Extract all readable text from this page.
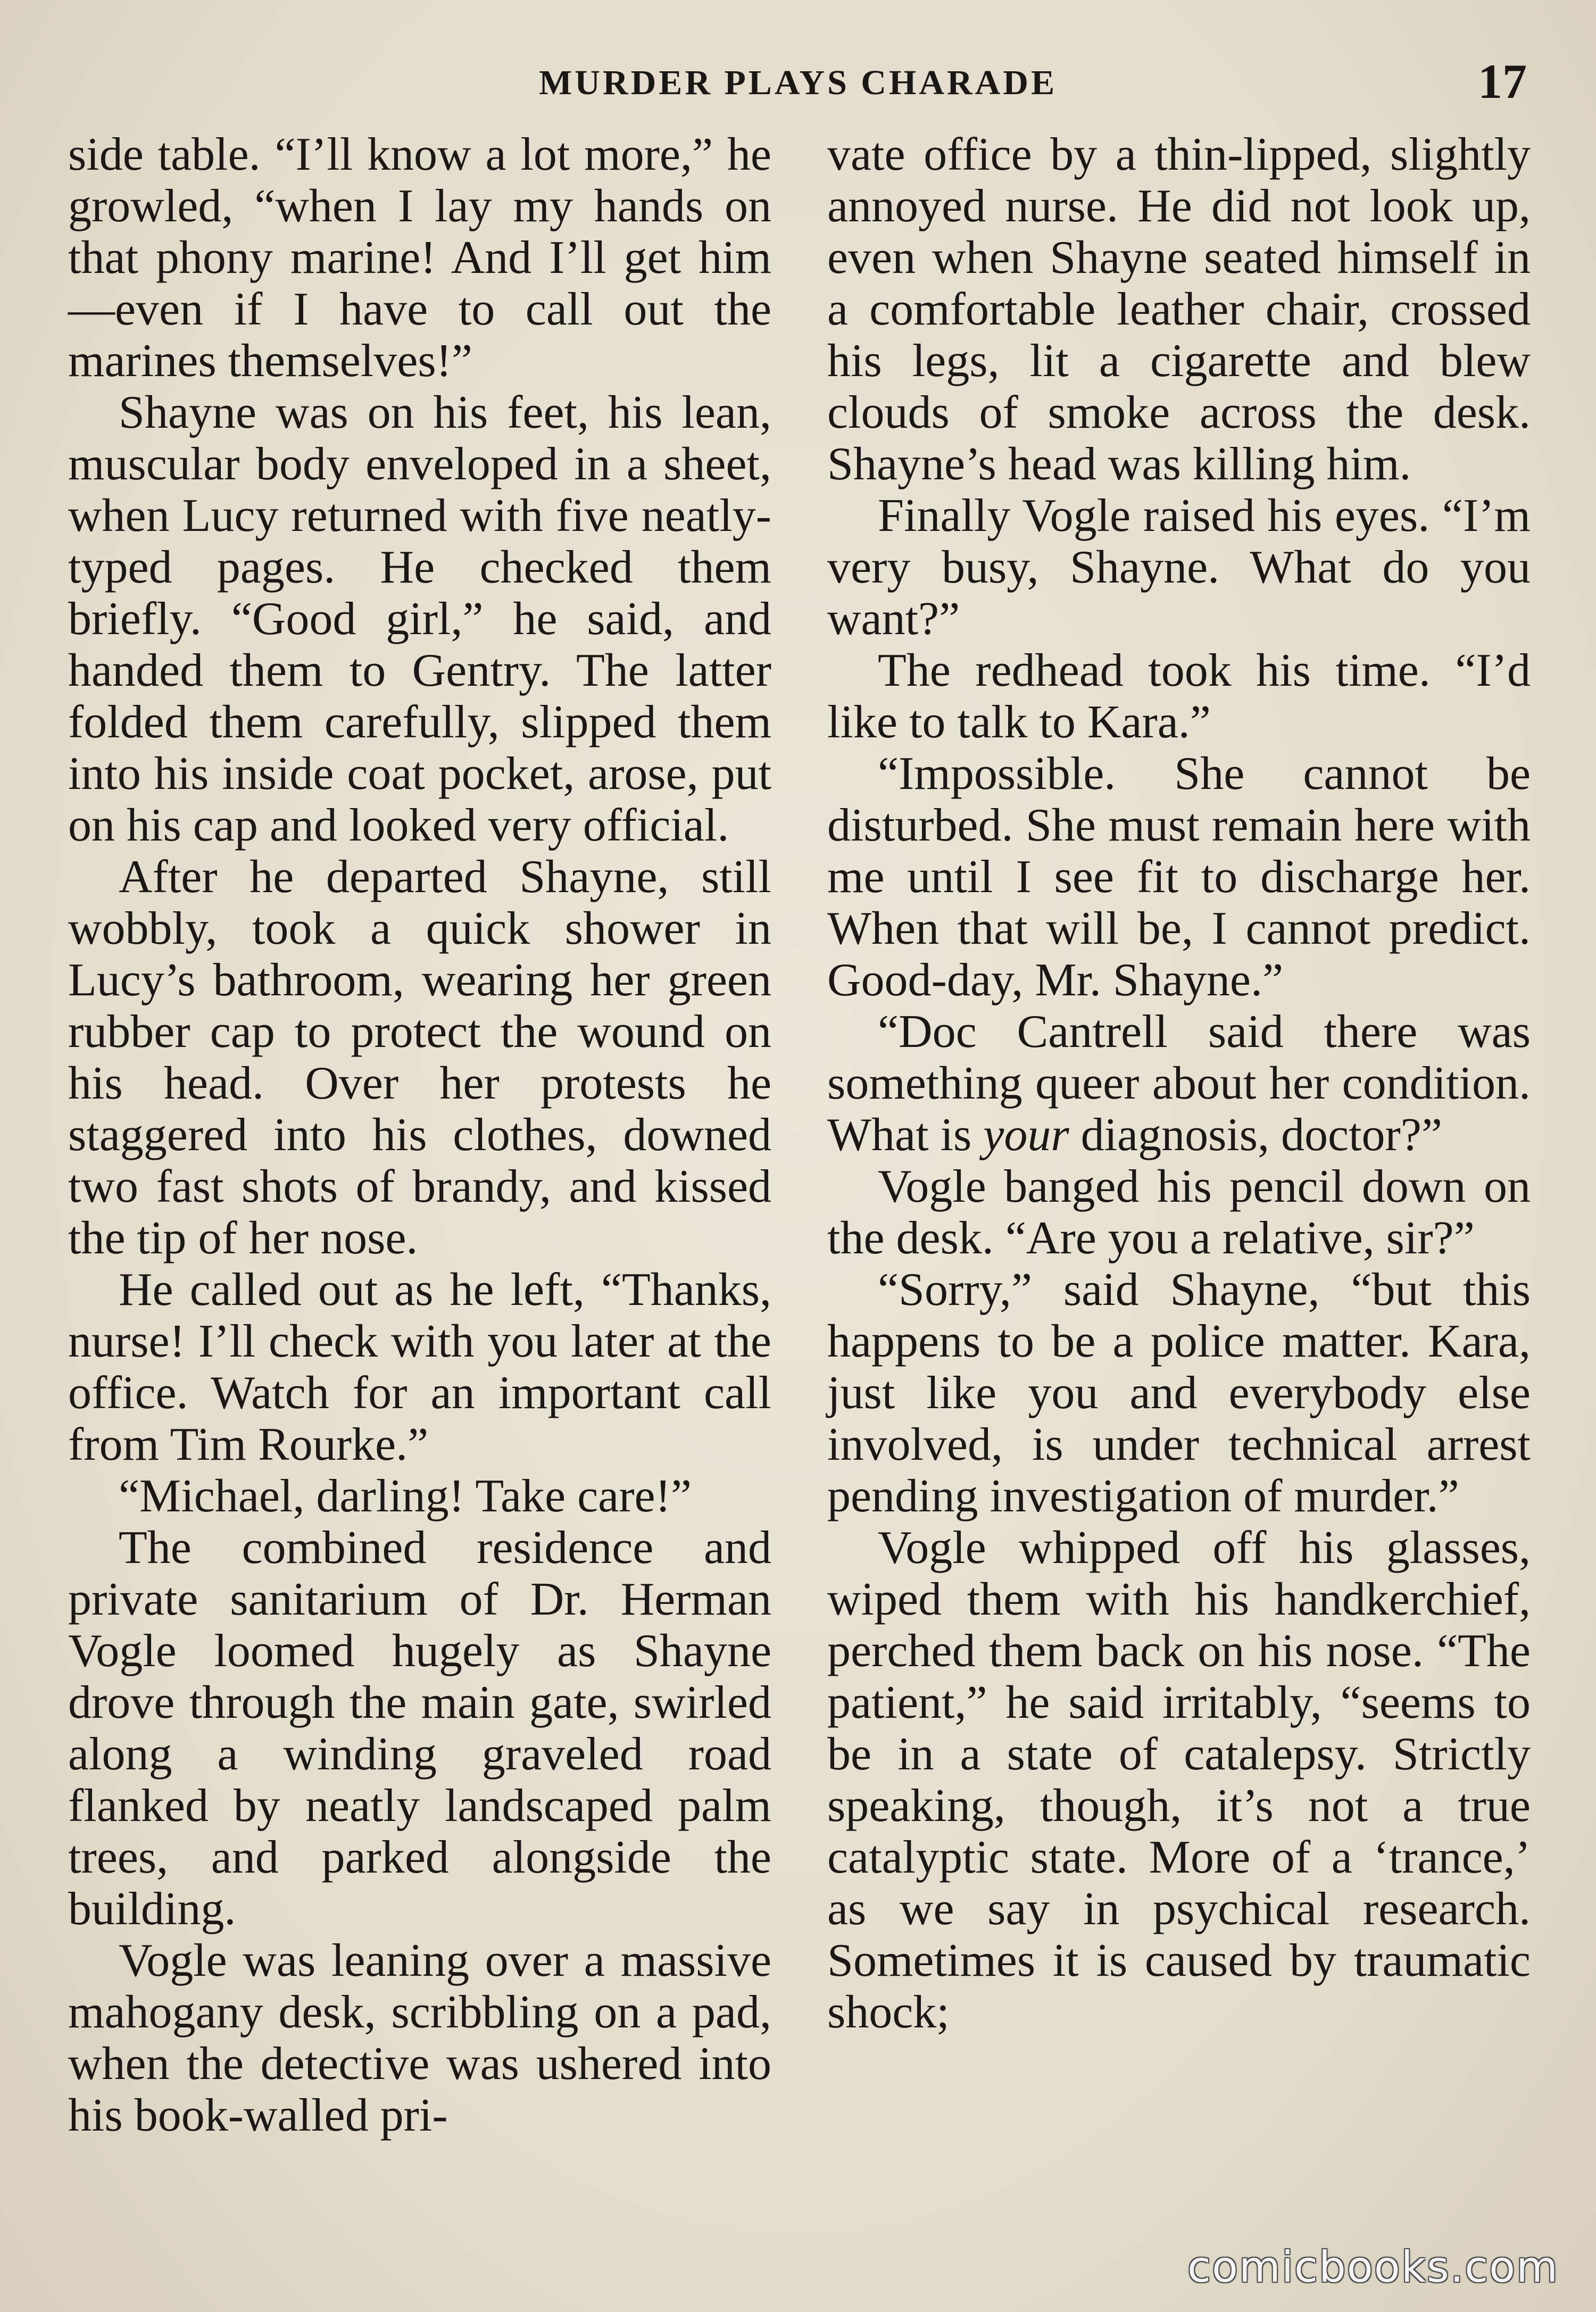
MURDER PLAYS CHARADE	17

side table. “I’ll know a lot more,” he growled, “when I lay my hands on that phony marine! And I’ll get him—even if I have to call out the marines themselves!”

Shayne was on his feet, his lean, muscular body enveloped in a sheet, when Lucy returned with five neatly-typed pages. He checked them briefly. “Good girl,” he said, and handed them to Gentry. The latter folded them carefully, slipped them into his inside coat pocket, arose, put on his cap and looked very official.

After he departed Shayne, still wobbly, took a quick shower in Lucy’s bathroom, wearing her green rubber cap to protect the wound on his head. Over her protests he staggered into his clothes, downed two fast shots of brandy, and kissed the tip of her nose.

He called out as he left, “Thanks, nurse! I’ll check with you later at the office. Watch for an important call from Tim Rourke.”

“Michael, darling! Take care!”

The combined residence and private sanitarium of Dr. Herman Vogle loomed hugely as Shayne drove through the main gate, swirled along a winding graveled road flanked by neatly landscaped palm trees, and parked alongside the building.

Vogle was leaning over a massive mahogany desk, scribbling on a pad, when the detective was ushered into his book-walled pri-

vate office by a thin-lipped, slightly annoyed nurse. He did not look up, even when Shayne seated himself in a comfortable leather chair, crossed his legs, lit a cigarette and blew clouds of smoke across the desk. Shayne’s head was killing him.

Finally Vogle raised his eyes. “I’m very busy, Shayne. What do you want?”

The redhead took his time. “I’d like to talk to Kara.”

“Impossible. She cannot be disturbed. She must remain here with me until I see fit to discharge her. When that will be, I cannot predict. Good-day, Mr. Shayne.”

“Doc Cantrell said there was something queer about her condition. What is your diagnosis, doctor?”

Vogle banged his pencil down on the desk. “Are you a relative, sir?”

“Sorry,” said Shayne, “but this happens to be a police matter. Kara, just like you and everybody else involved, is under technical arrest pending investigation of murder.”

Vogle whipped off his glasses, wiped them with his handkerchief, perched them back on his nose. “The patient,” he said irritably, “seems to be in a state of catalepsy. Strictly speaking, though, it’s not a true catalyptic state. More of a ‘trance,’ as we say in psychical research. Sometimes it is caused by traumatic shock;

comicbooks.com
